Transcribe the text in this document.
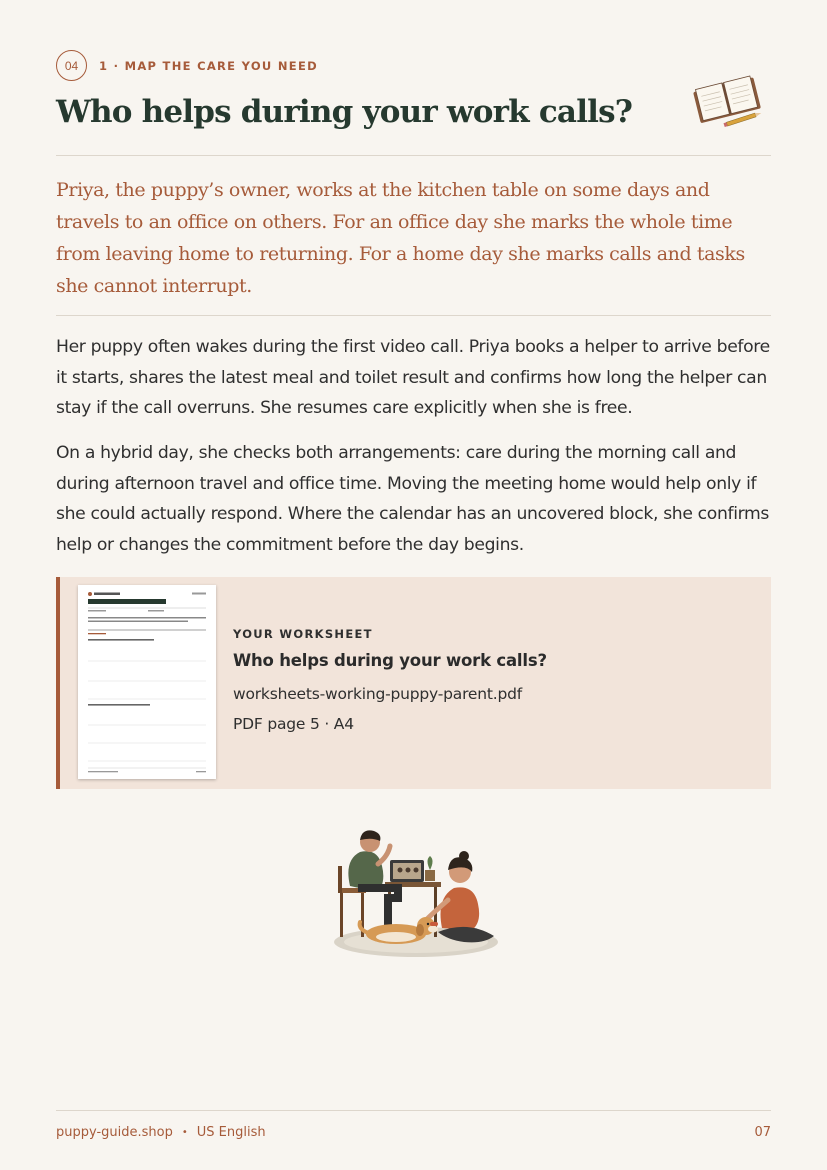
04	1 · MAP THE CARE YOU NEED
Who helps during your work calls?

Priya, the puppy’s owner, works at the kitchen table on some days and travels to an office on others. For an office day she marks the whole time from leaving home to returning. For a home day she marks calls and tasks she cannot interrupt.

Her puppy often wakes during the first video call. Priya books a helper to arrive before it starts, shares the latest meal and toilet result and confirms how long the helper can stay if the call overruns. She resumes care explicitly when she is free.

On a hybrid day, she checks both arrangements: care during the morning call and during afternoon travel and office time. Moving the meeting home would help only if she could actually respond. Where the calendar has an uncovered block, she confirms help or changes the commitment before the day begins.

YOUR WORKSHEET
Who helps during your work calls?
worksheets-working-puppy-parent.pdf
PDF page 5 · A4
puppy-guide.shop • US English	07
